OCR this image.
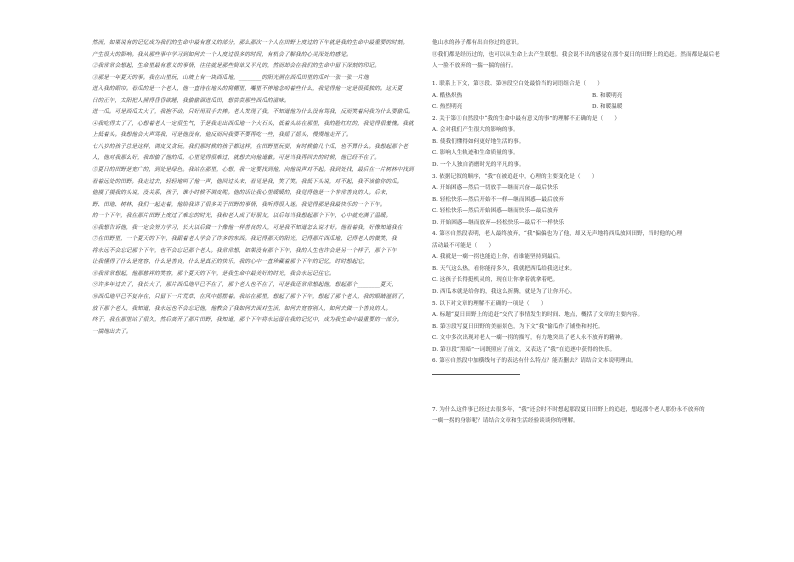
然而，如果说有的记忆成为我们的生命中最有意义的部分，那么那次一个人在田野上度过的下午就是我的生命中最重要的时刻。

产生很大的影响。我从那些事中学习到如何去一个人度过很多的时间，有机会了解我的心灵深处的感觉。

②我常常会想起，生命里最有意义的事情，往往就是那些简单又平凡的，然而却会在我们的生命中留下深刻的印记。

③那是一年夏天的事。我在山里玩，山坡上有一块西瓜地，________的阳光照在西瓜田里的瓜叶一张一张一片地

进入我的眼帘。看瓜的是一个老人，他一直待在地头的窝棚里，嘴里不停地念叨着些什么，我觉得他一定是很孤独的。这天夏

日的正午，太阳把人照得昏昏欲睡，我偷偷溜进瓜田，想尝尝那些西瓜的滋味。

进一瓜。可是西瓜太大了，我抱不动，只好用双手去捧。老人发现了我，不知道他为什么没有骂我，反而笑着问我为什么要偷瓜。

④我吃得太了了，心想着老人一定很生气，于是我走出西瓜地一个大石头，低着头站在那里，我的脸红红的，我觉得很羞愧。我就

上低着头。我想他会大声骂我，可是他没有，他反而问我要不要再吃一些，我摇了摇头，慢慢地走开了。

七八岁的孩子总是这样，调皮又贪玩。我们那时候的孩子都这样，在田野里玩耍，有时候偷几个瓜，也不算什么。我想起那个老

人，他对我那么好，我却偷了他的瓜，心里觉得很难过，就想去向他道歉。可是当我再回去的时候，他已经不在了。

⑤夏日的田野是宽广的，到处是绿色。我站在那里，心想，我一定要找到他，向他说声对不起。我到处找，最后在一片树林中找到

看着远处的田野。我走过去，轻轻地叫了他一声，他回过头来，看见是我，笑了笑。我低下头说，对不起，我不该偷你的瓜。

他摸了摸我的头说，没关系，孩子，谁小时候不调皮呢。他的话让我心里暖暖的，我觉得他是一个非常善良的人。后来，

野、田地、树林，我们一起走着，他给我讲了很多关于田野的事情，我听得很入迷。我觉得那是我最快乐的一个下午。

的一个下午，我在那片田野上度过了难忘的时光，我和老人成了好朋友，以后每当我想起那个下午，心中就充满了温暖。

⑥我想告诉他，我一定会努力学习，长大以后做一个像他一样善良的人，可是我不知道怎么说才好。他看着我，好像知道我在

⑦在田野里，一个夏天的下午，我跟着老人学会了许多的东西。我记得那天的阳光，记得那片西瓜地，记得老人的微笑，我

将永远不会忘记那个下午，也不会忘记那个老人。我常常想，如果没有那个下午，我的人生也许会是另一个样子，那个下午

让我懂得了什么是宽容，什么是善良，什么是真正的快乐，我的心中一直珍藏着那个下午的记忆，时时想起它，

⑧我常常想起，他那慈祥的笑容，那个夏天的下午，是我生命中最美好的时光，我会永远记住它。

⑨许多年过去了，我长大了，那片西瓜地早已不在了，那个老人也不在了，可是我还常常想起他，想起那个________夏天，

⑩西瓜地早已不复存在，只留下一片荒草，在风中摇摆着。我站在那里，想起了那个下午，想起了那个老人，我的眼睛湿润了，

放下那个老人，我知道，我永远也不会忘记他，他教会了我如何去面对生活，如何去宽容别人，如何去做一个善良的人。

终于，我在那里站了很久，然后离开了那片田野，我知道，那个下午将永远留在我的记忆中，成为我生命中最重要的一部分。

一揣地出去了。

他山水的孙子都有出自你过的意识。

⑪我们都是经历过的，也可以从生命上去产生联想。我会说不出的感觉在那个夏日的田野上的追赶。然而都是最后老

人一脸不放弃的一揣一揣的前行。

1. 联系上下文，第③段、第⑩段空白处最恰当的词语组合是（　　）

A. 酷热炽热	B. 和暖明亮

C. 热烈明亮	D. 和暖温暖

2. 关于第①自然段中“我的生命中最有意义的事”的理解不正确的是（　　）

A. 会对我们产生很大的影响的事。

B. 使我们懂得如何更好地生活的事。

C. 影响人生轨迹和生命质量的事。

D. 一个人独自消磨时光的平凡的事。

3. 依据记叙的顺序，“我”在被追赶中，心理的主要变化是（　　）

A. 开始困惑—然后一切放手—继而兴奋—最后快乐

B. 轻松快乐—然后开始不一样—继而困惑—最后放弃

C. 轻松快乐—然后开始困惑—继而快乐—最后放弃

D. 开始困惑—继而放弃—轻松快乐—最后不一样快乐

4. 第⑧自然段表明，老人最终放弃，“我”偏偏也为了他，却又无声地将西瓜放回田野，当时他的心理

活动最不可能是（　　）

A. 我就是一瘸一拐也能追上你，看谁能坚持到最后。

B. 天气这么热，看你能待多久，我就把西瓜给我送过来。

C. 这孩子长得挺机灵的，现在让你拿着就拿着吧。

D. 西瓜本就是给你的，我这么折腾，就是为了让你开心。

5. 以下对文章的理解不正确的一项是（　　）

A. 标题“夏日田野上的追赶”交代了事情发生的时间、地点，概括了文章的主要内容。

B. 第③段写夏日田野的美丽景色，为下文“我”偷瓜作了铺垫和衬托。

C. 文中多次出现对老人一瘸一拐的描写，有力地突出了老人永不放弃的精神。

D. 第⑪段“黑暗”一词既照应了前文，又表达了“我”在追逐中获得的快乐。

6. 第⑥自然段中加横线句子的表达有什么特点？能否删去？请结合文本说明理由。

7. 为什么这件事已经过去很多年，“我”还会时不时想起那段夏日田野上的追赶，想起那个老人那份永不放弃的

一瘸一拐的身影呢？请结合文章和生活经验谈谈你的理解。
